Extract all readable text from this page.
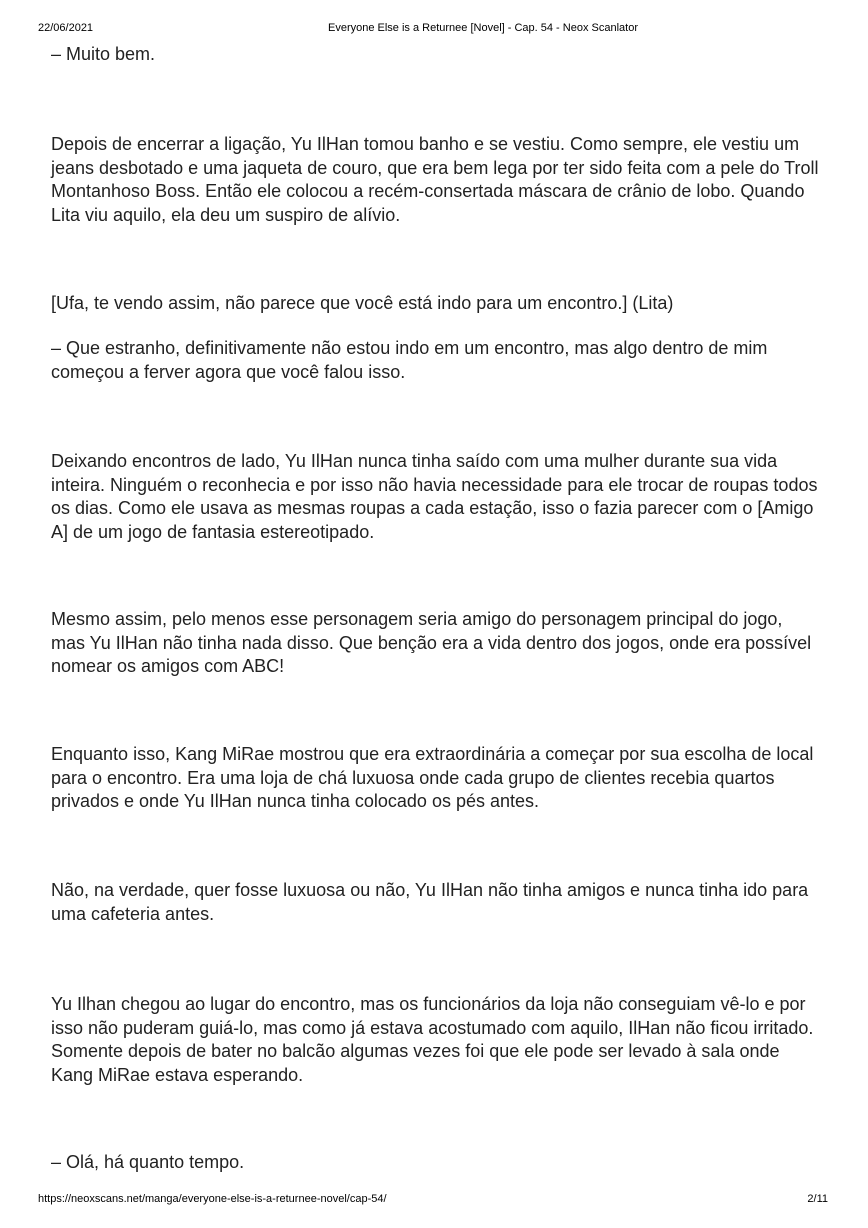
22/06/2021	Everyone Else is a Returnee [Novel] - Cap. 54 - Neox Scanlator

– Muito bem.

Depois de encerrar a ligação, Yu IlHan tomou banho e se vestiu. Como sempre, ele vestiu um jeans desbotado e uma jaqueta de couro, que era bem lega por ter sido feita com a pele do Troll Montanhoso Boss. Então ele colocou a recém-consertada máscara de crânio de lobo. Quando Lita viu aquilo, ela deu um suspiro de alívio.

[Ufa, te vendo assim, não parece que você está indo para um encontro.] (Lita)

– Que estranho, definitivamente não estou indo em um encontro, mas algo dentro de mim começou a ferver agora que você falou isso.

Deixando encontros de lado, Yu IlHan nunca tinha saído com uma mulher durante sua vida inteira. Ninguém o reconhecia e por isso não havia necessidade para ele trocar de roupas todos os dias. Como ele usava as mesmas roupas a cada estação, isso o fazia parecer com o [Amigo A] de um jogo de fantasia estereotipado.

Mesmo assim, pelo menos esse personagem seria amigo do personagem principal do jogo, mas Yu IlHan não tinha nada disso. Que benção era a vida dentro dos jogos, onde era possível nomear os amigos com ABC!

Enquanto isso, Kang MiRae mostrou que era extraordinária a começar por sua escolha de local para o encontro. Era uma loja de chá luxuosa onde cada grupo de clientes recebia quartos privados e onde Yu IlHan nunca tinha colocado os pés antes.

Não, na verdade, quer fosse luxuosa ou não, Yu IlHan não tinha amigos e nunca tinha ido para uma cafeteria antes.

Yu Ilhan chegou ao lugar do encontro, mas os funcionários da loja não conseguiam vê-lo e por isso não puderam guiá-lo, mas como já estava acostumado com aquilo, IlHan não ficou irritado. Somente depois de bater no balcão algumas vezes foi que ele pode ser levado à sala onde Kang MiRae estava esperando.

– Olá, há quanto tempo.

https://neoxscans.net/manga/everyone-else-is-a-returnee-novel/cap-54/	2/11
